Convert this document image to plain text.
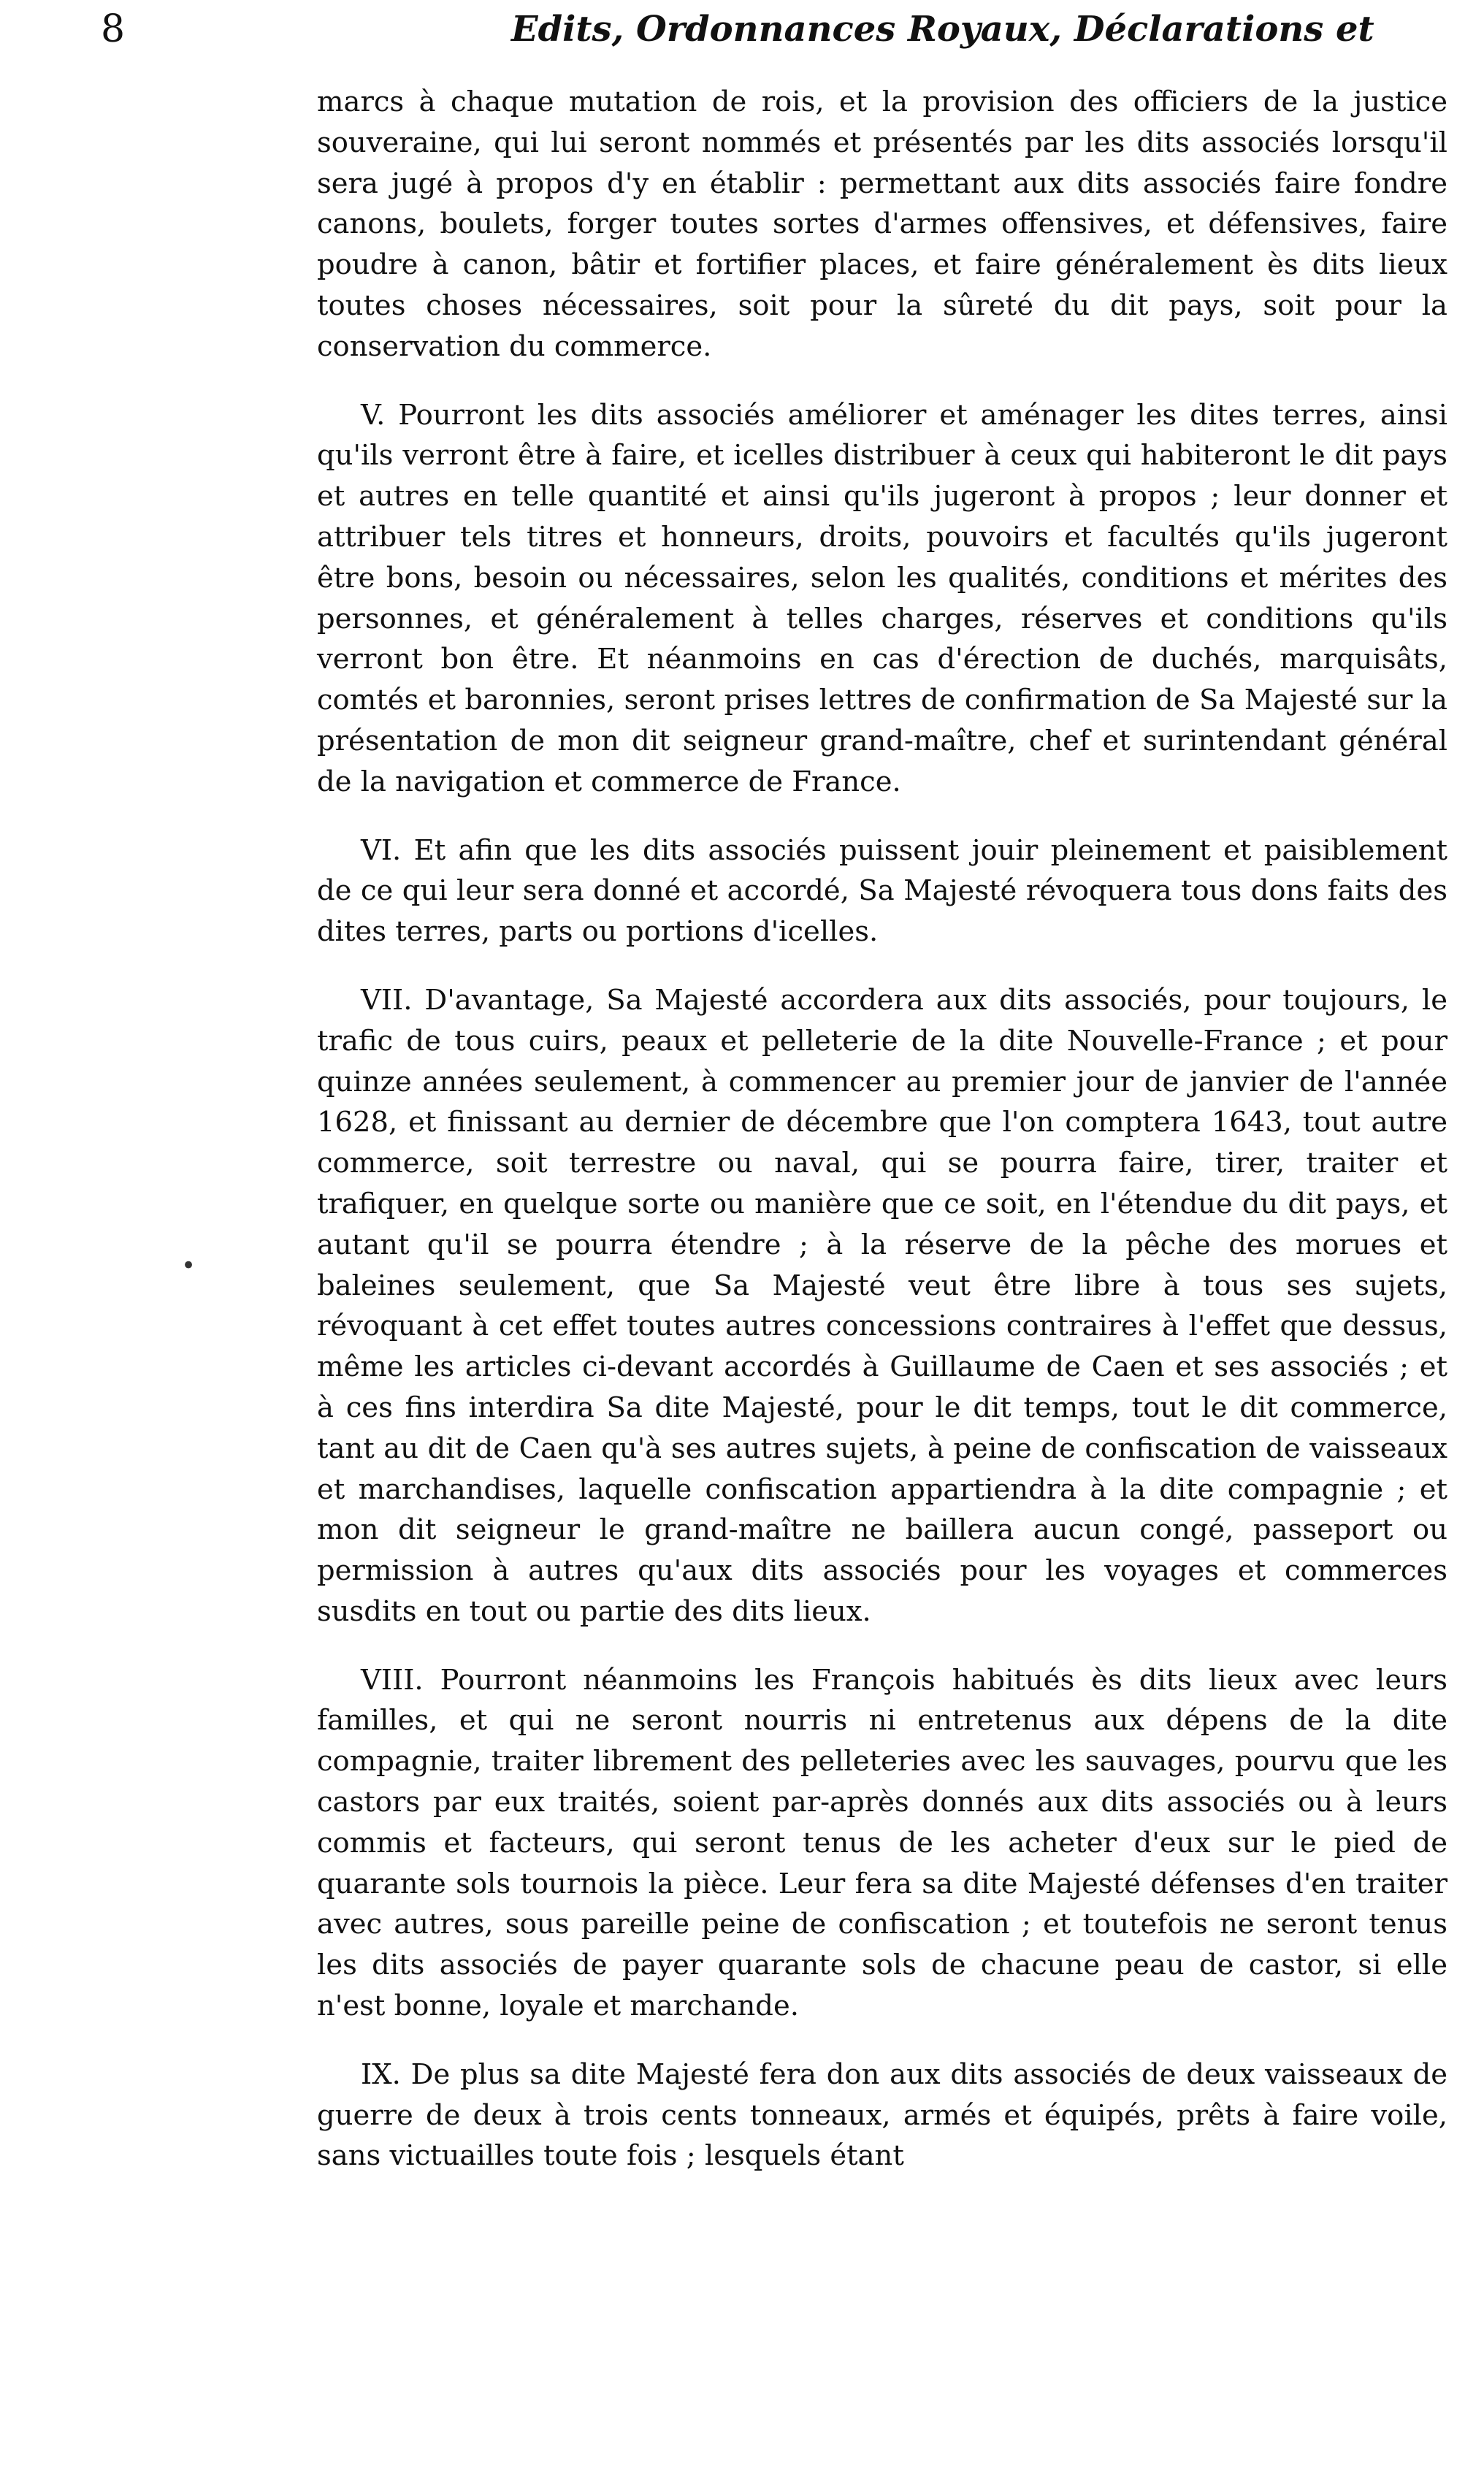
8	Edits, Ordonnances Royaux, Déclarations et
•

marcs à chaque mutation de rois, et la provision des officiers de la justice souveraine, qui lui seront nommés et présentés par les dits associés lorsqu'il sera jugé à propos d'y en établir : permettant aux dits associés faire fondre canons, boulets, forger toutes sortes d'armes offensives, et défensives, faire poudre à canon, bâtir et fortifier places, et faire généralement ès dits lieux toutes choses nécessaires, soit pour la sûreté du dit pays, soit pour la conservation du commerce.

V. Pourront les dits associés améliorer et aménager les dites terres, ainsi qu'ils verront être à faire, et icelles distribuer à ceux qui habiteront le dit pays et autres en telle quantité et ainsi qu'ils jugeront à propos ; leur donner et attribuer tels titres et honneurs, droits, pouvoirs et facultés qu'ils jugeront être bons, besoin ou nécessaires, selon les qualités, conditions et mérites des personnes, et généralement à telles charges, réserves et conditions qu'ils verront bon être. Et néanmoins en cas d'érection de duchés, marquisâts, comtés et baronnies, seront prises lettres de confirmation de Sa Majesté sur la présentation de mon dit seigneur grand-maître, chef et surintendant général de la navigation et commerce de France.

VI. Et afin que les dits associés puissent jouir pleinement et paisiblement de ce qui leur sera donné et accordé, Sa Majesté révoquera tous dons faits des dites terres, parts ou portions d'icelles.

VII. D'avantage, Sa Majesté accordera aux dits associés, pour toujours, le trafic de tous cuirs, peaux et pelleterie de la dite Nouvelle-France ; et pour quinze années seulement, à commencer au premier jour de janvier de l'année 1628, et finissant au dernier de décembre que l'on comptera 1643, tout autre commerce, soit terrestre ou naval, qui se pourra faire, tirer, traiter et trafiquer, en quelque sorte ou manière que ce soit, en l'étendue du dit pays, et autant qu'il se pourra étendre ; à la réserve de la pêche des morues et baleines seulement, que Sa Majesté veut être libre à tous ses sujets, révoquant à cet effet toutes autres concessions contraires à l'effet que dessus, même les articles ci-devant accordés à Guillaume de Caen et ses associés ; et à ces fins interdira Sa dite Majesté, pour le dit temps, tout le dit commerce, tant au dit de Caen qu'à ses autres sujets, à peine de confiscation de vaisseaux et marchandises, laquelle confiscation appartiendra à la dite compagnie ; et mon dit seigneur le grand-maître ne baillera aucun congé, passeport ou permission à autres qu'aux dits associés pour les voyages et commerces susdits en tout ou partie des dits lieux.

VIII. Pourront néanmoins les François habitués ès dits lieux avec leurs familles, et qui ne seront nourris ni entretenus aux dépens de la dite compagnie, traiter librement des pelleteries avec les sauvages, pourvu que les castors par eux traités, soient par-après donnés aux dits associés ou à leurs commis et facteurs, qui seront tenus de les acheter d'eux sur le pied de quarante sols tournois la pièce. Leur fera sa dite Majesté défenses d'en traiter avec autres, sous pareille peine de confiscation ; et toutefois ne seront tenus les dits associés de payer quarante sols de chacune peau de castor, si elle n'est bonne, loyale et marchande.

IX. De plus sa dite Majesté fera don aux dits associés de deux vaisseaux de guerre de deux à trois cents tonneaux, armés et équipés, prêts à faire voile, sans victuailles toute fois ; lesquels étant
